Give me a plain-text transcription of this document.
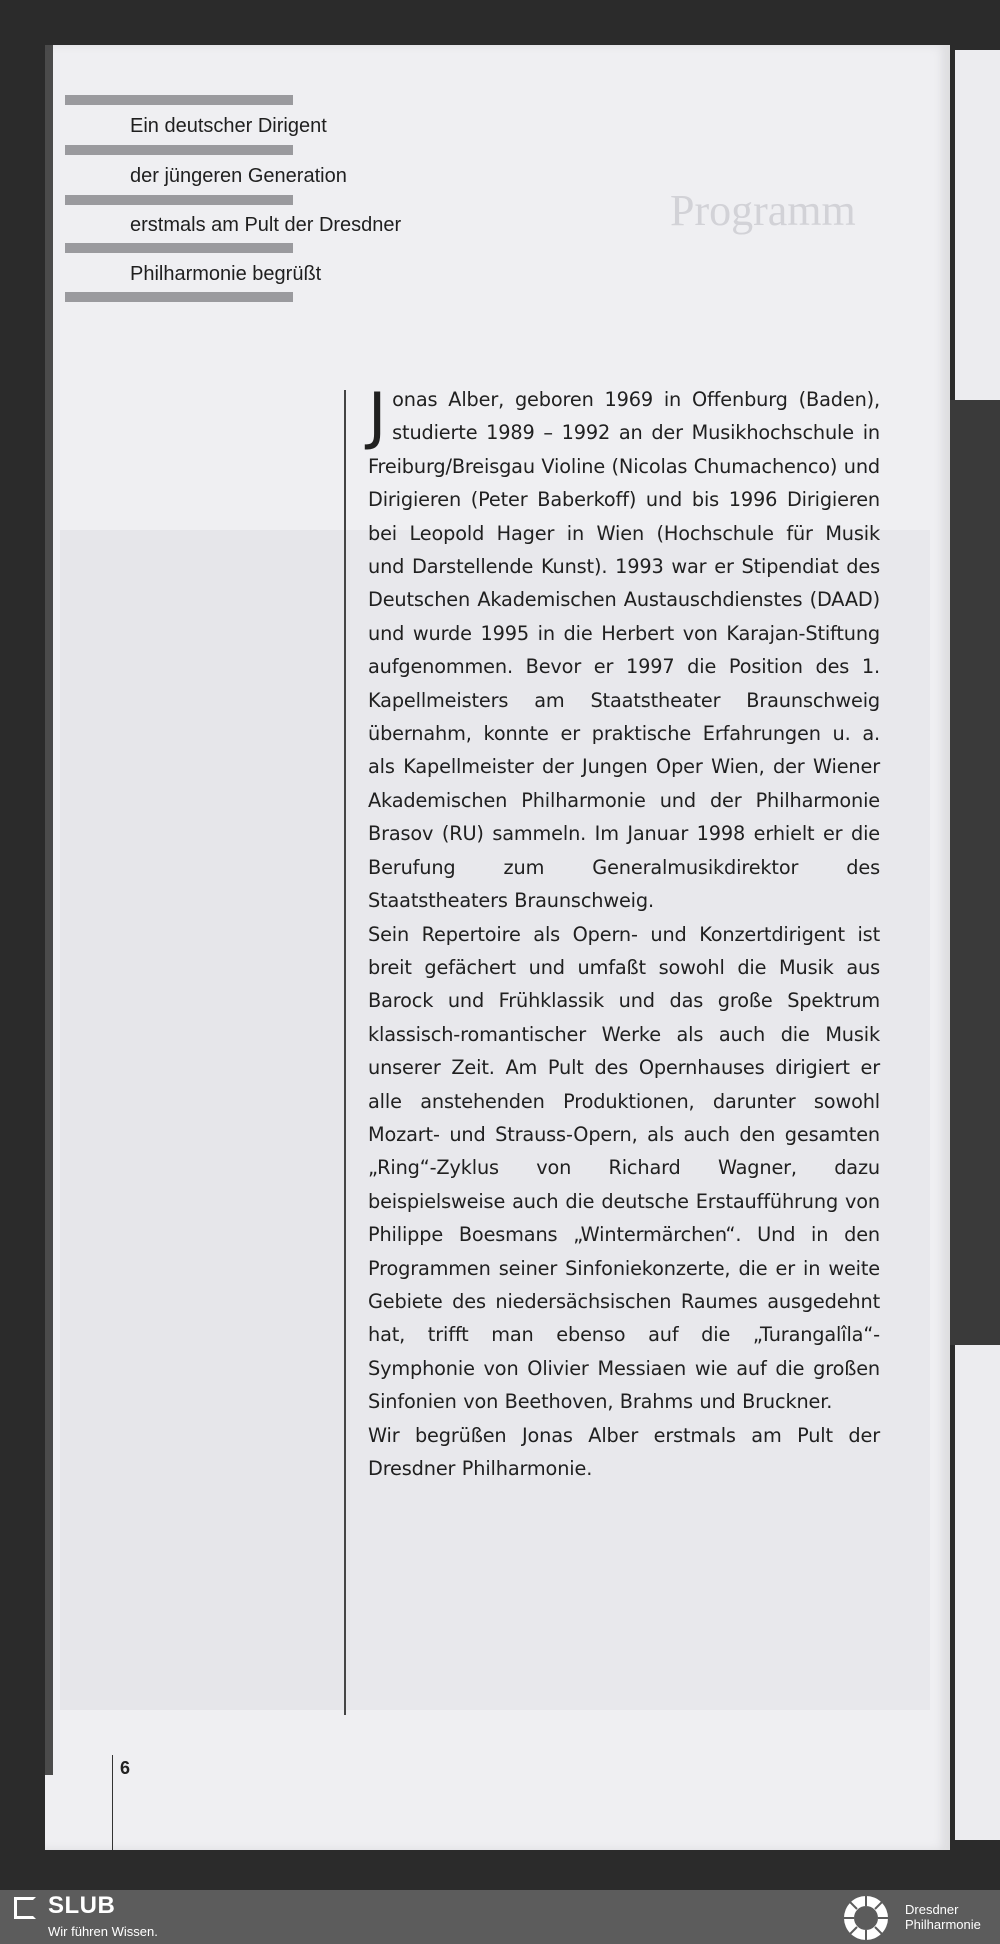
Programm
Ein deutscher Dirigent
der jüngeren Generation
erstmals am Pult der Dresdner
Philharmonie begrüßt

Jonas Alber, geboren 1969 in Offenburg (Baden), studierte 1989 – 1992 an der Musikhochschule in Freiburg/Breisgau Violine (Nicolas Chumachenco) und Dirigieren (Peter Baberkoff) und bis 1996 Dirigieren bei Leopold Hager in Wien (Hochschule für Musik und Darstellende Kunst). 1993 war er Stipendiat des Deutschen Akademischen Austauschdienstes (DAAD) und wurde 1995 in die Herbert von Karajan-Stiftung aufgenommen. Bevor er 1997 die Position des 1. Kapellmeisters am Staatstheater Braunschweig übernahm, konnte er praktische Erfahrungen u. a. als Kapellmeister der Jungen Oper Wien, der Wiener Akademischen Philharmonie und der Philharmonie Brasov (RU) sammeln. Im Januar 1998 erhielt er die Berufung zum Generalmusikdirektor des Staatstheaters Braunschweig.

Sein Repertoire als Opern- und Konzertdirigent ist breit gefächert und umfaßt sowohl die Musik aus Barock und Frühklassik und das große Spektrum klassisch-romantischer Werke als auch die Musik unserer Zeit. Am Pult des Opernhauses dirigiert er alle anstehenden Produktionen, darunter sowohl Mozart- und Strauss-Opern, als auch den gesamten „Ring“-Zyklus von Richard Wagner, dazu beispielsweise auch die deutsche Erstaufführung von Philippe Boesmans „Wintermärchen“. Und in den Programmen seiner Sinfoniekonzerte, die er in weite Gebiete des niedersächsischen Raumes ausgedehnt hat, trifft man ebenso auf die „Turangalîla“-Symphonie von Olivier Messiaen wie auf die großen Sinfonien von Beethoven, Brahms und Bruckner.

Wir begrüßen Jonas Alber erstmals am Pult der Dresdner Philharmonie.

6
SLUB
Wir führen Wissen.
Dresdner
Philharmonie
